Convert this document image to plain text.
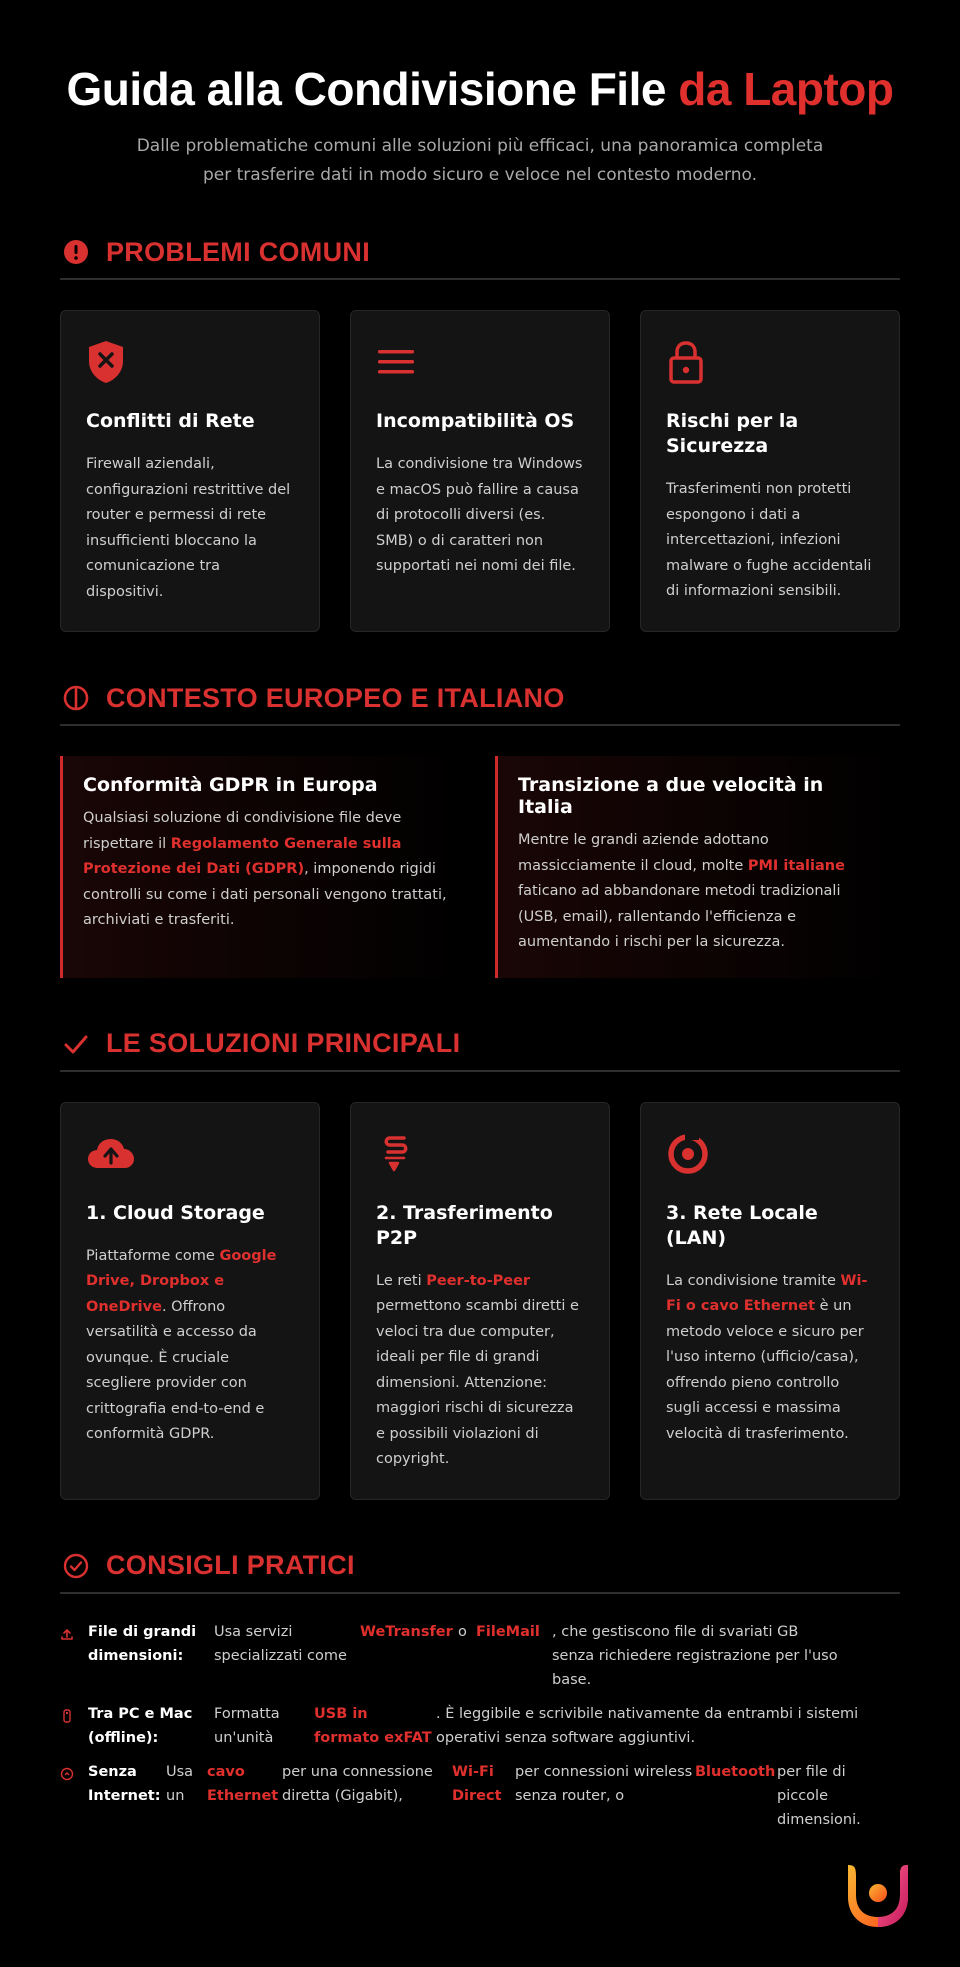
Guida alla Condivisione File da Laptop
Dalle problematiche comuni alle soluzioni più efficaci, una panoramica completa per trasferire dati in modo sicuro e veloce nel contesto moderno.
PROBLEMI COMUNI
Conflitti di Rete

Firewall aziendali, configurazioni restrittive del router e permessi di rete insufficienti bloccano la comunicazione tra dispositivi.

Incompatibilità OS

La condivisione tra Windows e macOS può fallire a causa di protocolli diversi (es. SMB) o di caratteri non supportati nei nomi dei file.

Rischi per la Sicurezza

Trasferimenti non protetti espongono i dati a intercettazioni, infezioni malware o fughe accidentali di informazioni sensibili.

CONTESTO EUROPEO E ITALIANO
Conformità GDPR in Europa

Qualsiasi soluzione di condivisione file deve rispettare il Regolamento Generale sulla Protezione dei Dati (GDPR), imponendo rigidi controlli su come i dati personali vengono trattati, archiviati e trasferiti.

Transizione a due velocità in Italia

Mentre le grandi aziende adottano massicciamente il cloud, molte PMI italiane faticano ad abbandonare metodi tradizionali (USB, email), rallentando l'efficienza e aumentando i rischi per la sicurezza.

LE SOLUZIONI PRINCIPALI
1. Cloud Storage

Piattaforme come Google Drive, Dropbox e OneDrive. Offrono versatilità e accesso da ovunque. È cruciale scegliere provider con crittografia end-to-end e conformità GDPR.

2. Trasferimento P2P

Le reti Peer-to-Peer permettono scambi diretti e veloci tra due computer, ideali per file di grandi dimensioni. Attenzione: maggiori rischi di sicurezza e possibili violazioni di copyright.

3. Rete Locale (LAN)

La condivisione tramite Wi-Fi o cavo Ethernet è un metodo veloce e sicuro per l'uso interno (ufficio/casa), offrendo pieno controllo sugli accessi e massima velocità di trasferimento.

CONSIGLI PRATICI
File di grandi dimensioni:
Usa servizi specializzati come
WeTransfer o FileMail , che gestiscono file di svariati GB senza richiedere registrazione per l'uso base.
Tra PC e Mac (offline):
Formatta un'unità
USB in formato exFAT
. È leggibile e scrivibile nativamente da entrambi i sistemi operativi senza software aggiuntivi.
Senza Internet:
Usa un
cavo Ethernet
per una connessione diretta (Gigabit),
Wi-Fi Direct
per connessioni wireless senza router, o
Bluetooth per file di piccole dimensioni.
